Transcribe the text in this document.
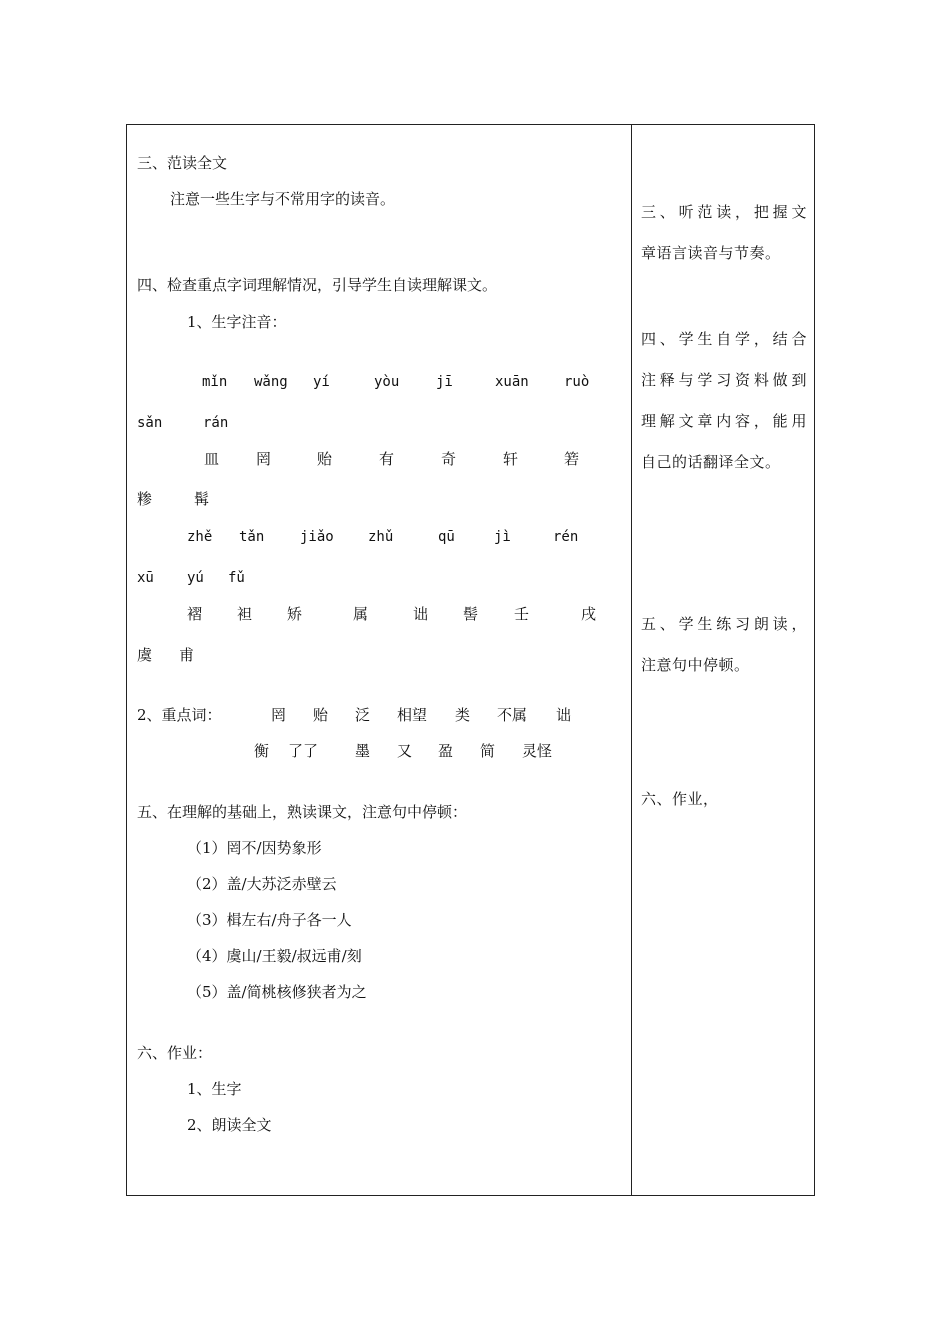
三、范读全文
注意一些生字与不常用字的读音。
四、检查重点字词理解情况，引导学生自读理解课文。
1、生字注音：
mǐn wǎng yí	yòu	jī	xuān	ruò
sǎn	rán
皿 罔	贻	有	奇	轩	箬
糁	髯
zhě tǎn	jiǎo zhǔ	qū	jì	rén
xū yú fǔ
褶 袒 矫	属	诎 髻 壬	戌
虞 甫
2、重点词：	罔 贻 泛 相望 类 不属 诎
衡 了了 墨 又 盈 简 灵怪
五、在理解的基础上，熟读课文，注意句中停顿：
（1）罔不/因势象形
（2）盖/大苏泛赤壁云
（3）楫左右/舟子各一人
（4）虞山/王毅/叔远甫/刻
（5）盖/简桃核修狭者为之
六、作业：
1、生字
2、朗读全文
三、听范读，把握文
章语言读音与节奏。
四、学生自学，结合
注释与学习资料做到
理解文章内容，能用
自己的话翻译全文。
五、学生练习朗读，
注意句中停顿。
六、作业，
